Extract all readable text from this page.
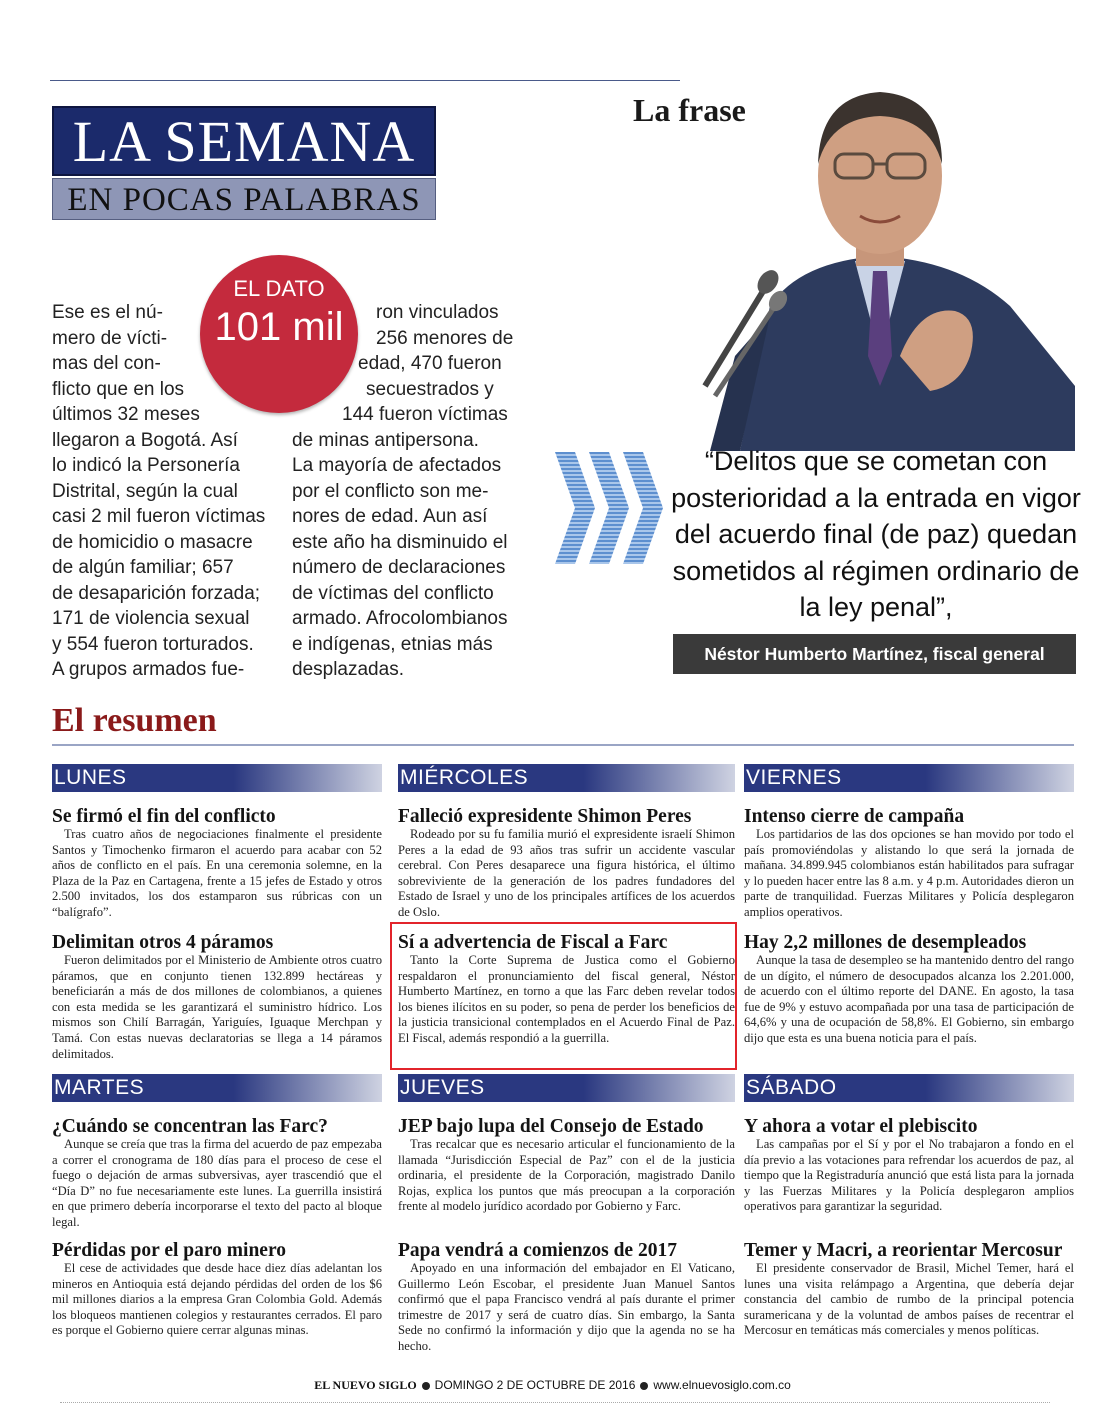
LA SEMANA
EN POCAS PALABRAS
La frase
EL DATO
101 mil
Ese es el nú-
mero de vícti-
mas del con-
flicto que en los
últimos 32 meses
llegaron a Bogotá. Así
lo indicó la Personería
Distrital, según la cual
casi 2 mil fueron víctimas
de homicidio o masacre
de algún familiar; 657
de desaparición forzada;
171 de violencia sexual
y 554 fueron torturados.
A grupos armados fue-
ron vinculados
256 menores de
edad, 470 fueron
secuestrados y
144 fueron víctimas
de minas antipersona.
La mayoría de afectados
por el conflicto son me-
nores de edad. Aun así
este año ha disminuido el
número de declaraciones
de víctimas del conflicto
armado. Afrocolombianos
e indígenas, etnias más
desplazadas.
“Delitos que se cometan con posterioridad a la entrada en vigor del acuerdo final (de paz) quedan sometidos al régimen ordinario de la ley penal”,
Néstor Humberto Martínez, fiscal general
El resumen
LUNES
Se firmó el fin del conflicto
Tras cuatro años de negociaciones finalmente el presidente Santos y Timochenko firmaron el acuerdo para acabar con 52 años de conflicto en el país. En una ceremonia solemne, en la Plaza de la Paz en Cartagena, frente a 15 jefes de Estado y otros 2.500 invitados, los dos estamparon sus rúbricas con un “balígrafo”.
Delimitan otros 4 páramos
Fueron delimitados por el Ministerio de Ambiente otros cuatro páramos, que en conjunto tienen 132.899 hectáreas y beneficiarán a más de dos millones de colombianos, a quienes con esta medida se les garantizará el suministro hídrico. Los mismos son Chilí Barragán, Yariguíes, Iguaque Merchpan y Tamá. Con estas nuevas declaratorias se llega a 14 páramos delimitados.
MIÉRCOLES
Falleció expresidente Shimon Peres
Rodeado por su fu familia murió el expresidente israelí Shimon Peres a la edad de 93 años tras sufrir un accidente vascular cerebral. Con Peres desaparece una figura histórica, el último sobreviviente de la generación de los padres fundadores del Estado de Israel y uno de los principales artífices de los acuerdos de Oslo.
Sí a advertencia de Fiscal a Farc
Tanto la Corte Suprema de Justica como el Gobierno respaldaron el pronunciamiento del fiscal general, Néstor Humberto Martínez, en torno a que las Farc deben revelar todos los bienes ilícitos en su poder, so pena de perder los beneficios de la justicia transicional contemplados en el Acuerdo Final de Paz. El Fiscal, además respondió a la guerrilla.
VIERNES
Intenso cierre de campaña
Los partidarios de las dos opciones se han movido por todo el país promoviéndolas y alistando lo que será la jornada de mañana. 34.899.945 colombianos están habilitados para sufragar y lo pueden hacer entre las 8 a.m. y 4 p.m. Autoridades dieron un parte de tranquilidad. Fuerzas Militares y Policía desplegaron amplios operativos.
Hay 2,2 millones de desempleados
Aunque la tasa de desempleo se ha mantenido dentro del rango de un dígito, el número de desocupados alcanza los 2.201.000, de acuerdo con el último reporte del DANE. En agosto, la tasa fue de 9% y estuvo acompañada por una tasa de participación de 64,6% y una de ocupación de 58,8%. El Gobierno, sin embargo dijo que esta es una buena noticia para el país.
MARTES
¿Cuándo se concentran las Farc?
Aunque se creía que tras la firma del acuerdo de paz empezaba a correr el cronograma de 180 días para el proceso de cese el fuego o dejación de armas subversivas, ayer trascendió que el “Día D” no fue necesariamente este lunes. La guerrilla insistirá en que primero debería incorporarse el texto del pacto al bloque legal.
Pérdidas por el paro minero
El cese de actividades que desde hace diez días adelantan los mineros en Antioquia está dejando pérdidas del orden de los $6 mil millones diarios a la empresa Gran Colombia Gold. Además los bloqueos mantienen colegios y restaurantes cerrados. El paro es porque el Gobierno quiere cerrar algunas minas.
JUEVES
JEP bajo lupa del Consejo de Estado
Tras recalcar que es necesario articular el funcionamiento de la llamada “Jurisdicción Especial de Paz” con el de la justicia ordinaria, el presidente de la Corporación, magistrado Danilo Rojas, explica los puntos que más preocupan a la corporación frente al modelo jurídico acordado por Gobierno y Farc.
Papa vendrá a comienzos de 2017
Apoyado en una información del embajador en El Vaticano, Guillermo León Escobar, el presidente Juan Manuel Santos confirmó que el papa Francisco vendrá al país durante el primer trimestre de 2017 y será de cuatro días. Sin embargo, la Santa Sede no confirmó la información y dijo que la agenda no se ha hecho.
SÁBADO
Y ahora a votar el plebiscito
Las campañas por el Sí y por el No trabajaron a fondo en el día previo a las votaciones para refrendar los acuerdos de paz, al tiempo que la Registraduría anunció que está lista para la jornada y las Fuerzas Militares y la Policía desplegaron amplios operativos para garantizar la seguridad.
Temer y Macri, a reorientar Mercosur
El presidente conservador de Brasil, Michel Temer, hará el lunes una visita relámpago a Argentina, que debería dejar constancia del cambio de rumbo de la principal potencia suramericana y de la voluntad de ambos países de recentrar el Mercosur en temáticas más comerciales y menos políticas.
EL NUEVO SIGLO DOMINGO 2 DE OCTUBRE DE 2016 www.elnuevosiglo.com.co
